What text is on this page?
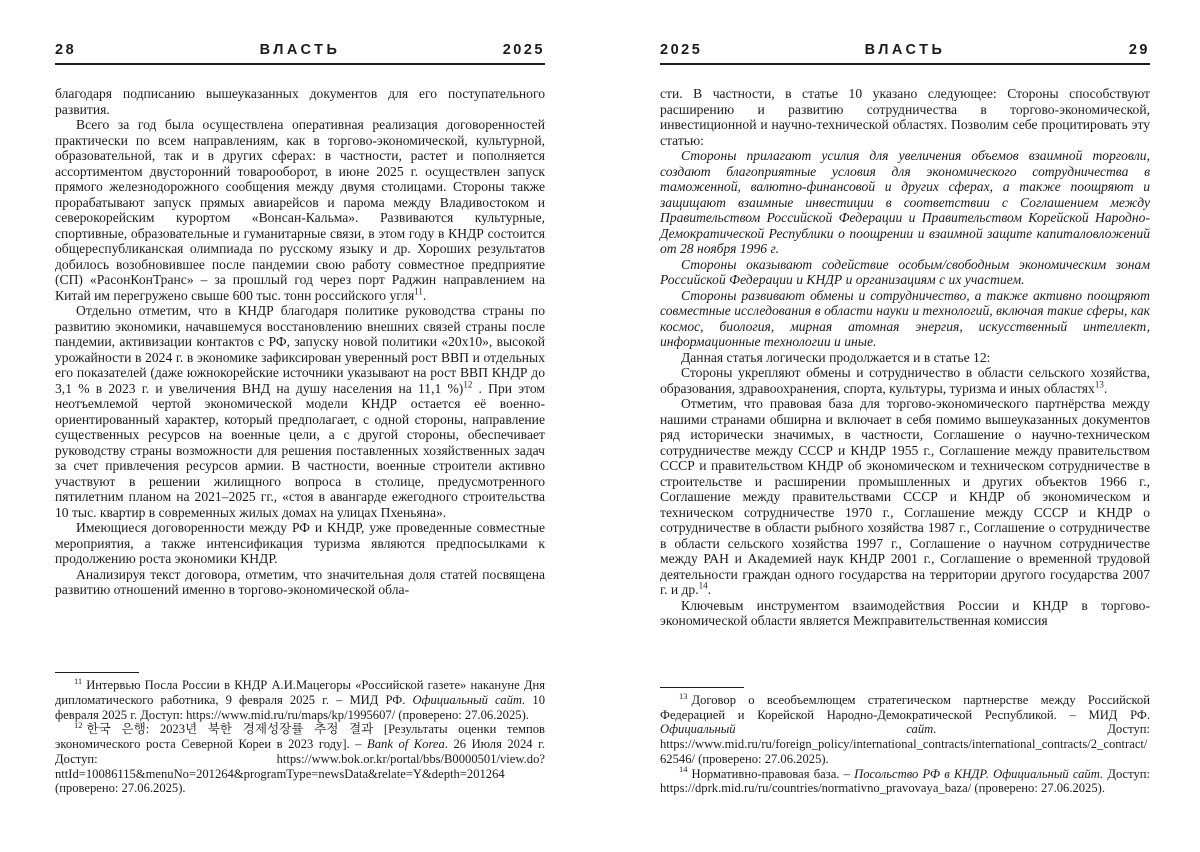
28	ВЛАСТЬ	2025

благодаря подписанию вышеуказанных документов для его поступательного развития.

Всего за год была осуществлена оперативная реализация договоренностей практически по всем направлениям, как в торгово-экономической, культурной, образовательной, так и в других сферах: в частности, растет и пополняется ассортиментом двусторонний товарооборот, в июне 2025 г. осуществлен запуск прямого железнодорожного сообщения между двумя столицами. Стороны также прорабатывают запуск прямых авиарейсов и парома между Владивостоком и северокорейским курортом «Вонсан-Кальма». Развиваются культурные, спортивные, образовательные и гуманитарные связи, в этом году в КНДР состоится общереспубликанская олимпиада по русскому языку и др. Хороших результатов добилось возобновившее после пандемии свою работу совместное предприятие (СП) «РасонКонТранс» – за прошлый год через порт Раджин направлением на Китай им перегружено свыше 600 тыс. тонн российского угля$^{11}$.

Отдельно отметим, что в КНДР благодаря политике руководства страны по развитию экономики, начавшемуся восстановлению внешних связей страны после пандемии, активизации контактов с РФ, запуску новой политики «20х10», высокой урожайности в 2024 г. в экономике зафиксирован уверенный рост ВВП и отдельных его показателей (даже южнокорейские источники указывают на рост ВВП КНДР до 3,1 % в 2023 г. и увеличения ВНД на душу населения на 11,1 %)$^{12}$ . При этом неотъемлемой чертой экономической модели КНДР остается её военно-ориентированный характер, который предполагает, с одной стороны, направление существенных ресурсов на военные цели, а с другой стороны, обеспечивает руководству страны возможности для решения поставленных хозяйственных задач за счет привлечения ресурсов армии. В частности, военные строители активно участвуют в решении жилищного вопроса в столице, предусмотренного пятилетним планом на 2021–2025 гг., «стоя в авангарде ежегодного строительства 10 тыс. квартир в современных жилых домах на улицах Пхеньяна».

Имеющиеся договоренности между РФ и КНДР, уже проведенные совместные мероприятия, а также интенсификация туризма являются предпосылками к продолжению роста экономики КНДР.

Анализируя текст договора, отметим, что значительная доля статей посвящена развитию отношений именно в торгово-экономической обла-

$^{11}$ Интервью Посла России в КНДР А.И.Мацегоры «Российской газете» накануне Дня дипломатического работника, 9 февраля 2025 г. – МИД РФ. Официальный сайт. 10 февраля 2025 г. Доступ: https://www.mid.ru/ru/maps/kp/1995607/ (проверено: 27.06.2025).

$^{12}$ 한국 은행: 2023년 북한 경제성장률 추정 결과 [Результаты оценки темпов экономического роста Северной Кореи в 2023 году]. – Bank of Korea. 26 Июля 2024 г. Доступ: https://www.bok.or.kr/portal/bbs/B0000501/view.do?nttId=10086115&menuNo=201264&programType=newsData&relate=Y&depth=201264 (проверено: 27.06.2025).

2025	ВЛАСТЬ	29

сти. В частности, в статье 10 указано следующее: Стороны способствуют расширению и развитию сотрудничества в торгово-экономической, инвестиционной и научно-технической областях. Позволим себе процитировать эту статью:

Стороны прилагают усилия для увеличения объемов взаимной торговли, создают благоприятные условия для экономического сотрудничества в таможенной, валютно-финансовой и других сферах, а также поощряют и защищают взаимные инвестиции в соответствии с Соглашением между Правительством Российской Федерации и Правительством Корейской Народно-Демократической Республики о поощрении и взаимной защите капиталовложений от 28 ноября 1996 г.

Стороны оказывают содействие особым/свободным экономическим зонам Российской Федерации и КНДР и организациям с их участием.

Стороны развивают обмены и сотрудничество, а также активно поощряют совместные исследования в области науки и технологий, включая такие сферы, как космос, биология, мирная атомная энергия, искусственный интеллект, информационные технологии и иные.

Данная статья логически продолжается и в статье 12:

Стороны укрепляют обмены и сотрудничество в области сельского хозяйства, образования, здравоохранения, спорта, культуры, туризма и иных областях$^{13}$.

Отметим, что правовая база для торгово-экономического партнёрства между нашими странами обширна и включает в себя помимо вышеуказанных документов ряд исторически значимых, в частности, Соглашение о научно-техническом сотрудничестве между СССР и КНДР 1955 г., Соглашение между правительством СССР и правительством КНДР об экономическом и техническом сотрудничестве в строительстве и расширении промышленных и других объектов 1966 г., Соглашение между правительствами СССР и КНДР об экономическом и техническом сотрудничестве 1970 г., Соглашение между СССР и КНДР о сотрудничестве в области рыбного хозяйства 1987 г., Соглашение о сотрудничестве в области сельского хозяйства 1997 г., Соглашение о научном сотрудничестве между РАН и Академией наук КНДР 2001 г., Соглашение о временной трудовой деятельности граждан одного государства на территории другого государства 2007 г. и др.$^{14}$.

Ключевым инструментом взаимодействия России и КНДР в торгово-экономической области является Межправительственная комиссия

$^{13}$ Договор о всеобъемлющем стратегическом партнерстве между Российской Федерацией и Корейской Народно-Демократической Республикой. – МИД РФ. Официальный сайт. Доступ: https://www.mid.ru/ru/foreign_policy/international_contracts/international_contracts/2_contract/62546/ (проверено: 27.06.2025).

$^{14}$ Нормативно-правовая база. – Посольство РФ в КНДР. Официальный сайт. Доступ: https://dprk.mid.ru/ru/countries/normativno_pravovaya_baza/ (проверено: 27.06.2025).
